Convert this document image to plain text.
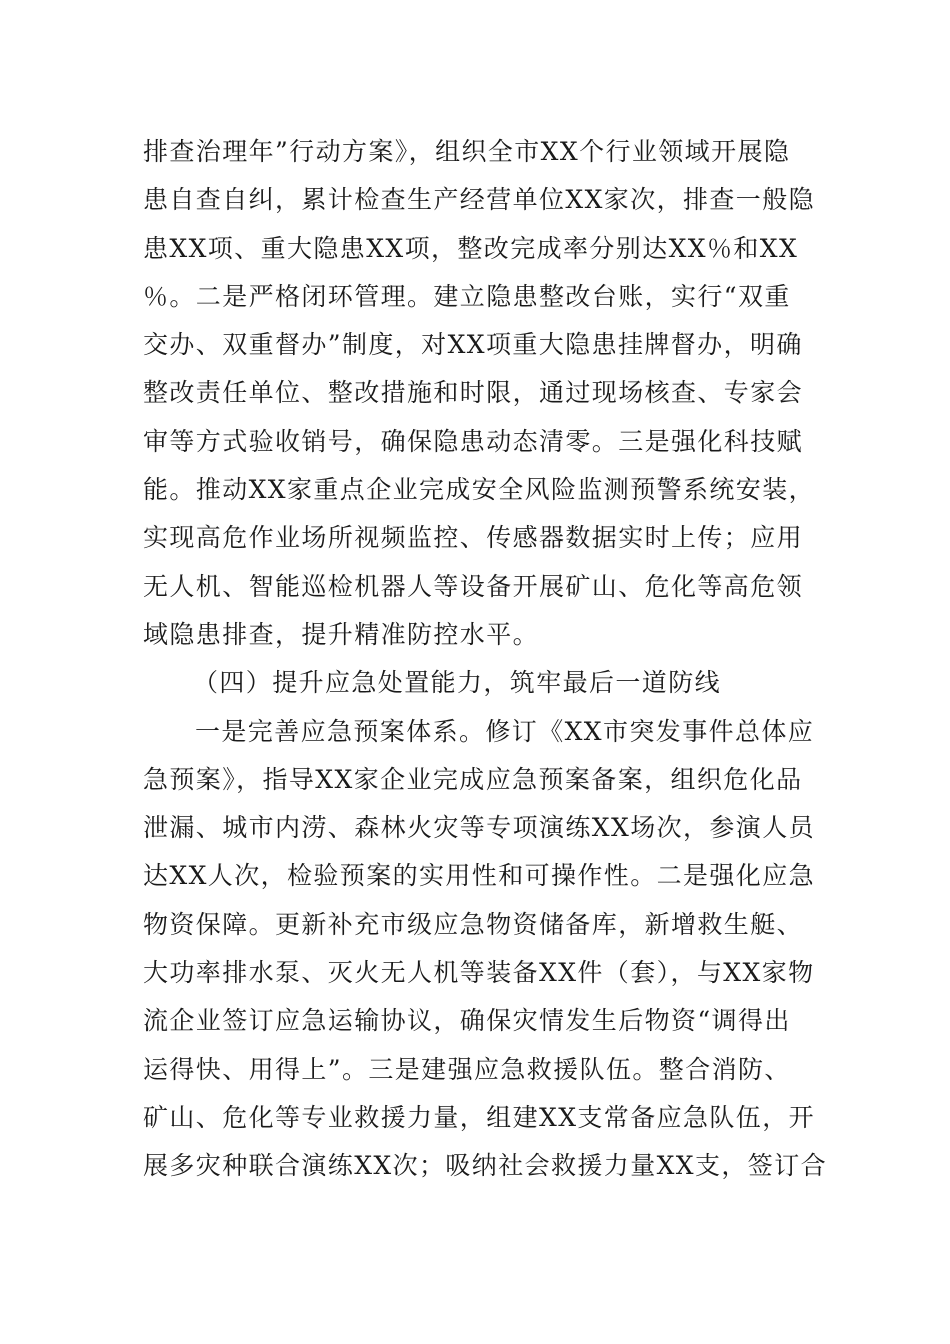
排查治理年”行动方案》，组织全市XX个行业领域开展隐
患自查自纠，累计检查生产经营单位XX家次，排查一般隐
患XX项、重大隐患XX项，整改完成率分别达XX％和XX
％。二是严格闭环管理。建立隐患整改台账，实行“双重
交办、双重督办”制度，对XX项重大隐患挂牌督办，明确
整改责任单位、整改措施和时限，通过现场核查、专家会
审等方式验收销号，确保隐患动态清零。三是强化科技赋
能。推动XX家重点企业完成安全风险监测预警系统安装，
实现高危作业场所视频监控、传感器数据实时上传；应用
无人机、智能巡检机器人等设备开展矿山、危化等高危领
域隐患排查，提升精准防控水平。
（四）提升应急处置能力，筑牢最后一道防线
一是完善应急预案体系。修订《XX市突发事件总体应
急预案》，指导XX家企业完成应急预案备案，组织危化品
泄漏、城市内涝、森林火灾等专项演练XX场次，参演人员
达XX人次，检验预案的实用性和可操作性。二是强化应急
物资保障。更新补充市级应急物资储备库，新增救生艇、
大功率排水泵、灭火无人机等装备XX件（套），与XX家物
流企业签订应急运输协议，确保灾情发生后物资“调得出
运得快、用得上”。三是建强应急救援队伍。整合消防、
矿山、危化等专业救援力量，组建XX支常备应急队伍，开
展多灾种联合演练XX次；吸纳社会救援力量XX支，签订合
